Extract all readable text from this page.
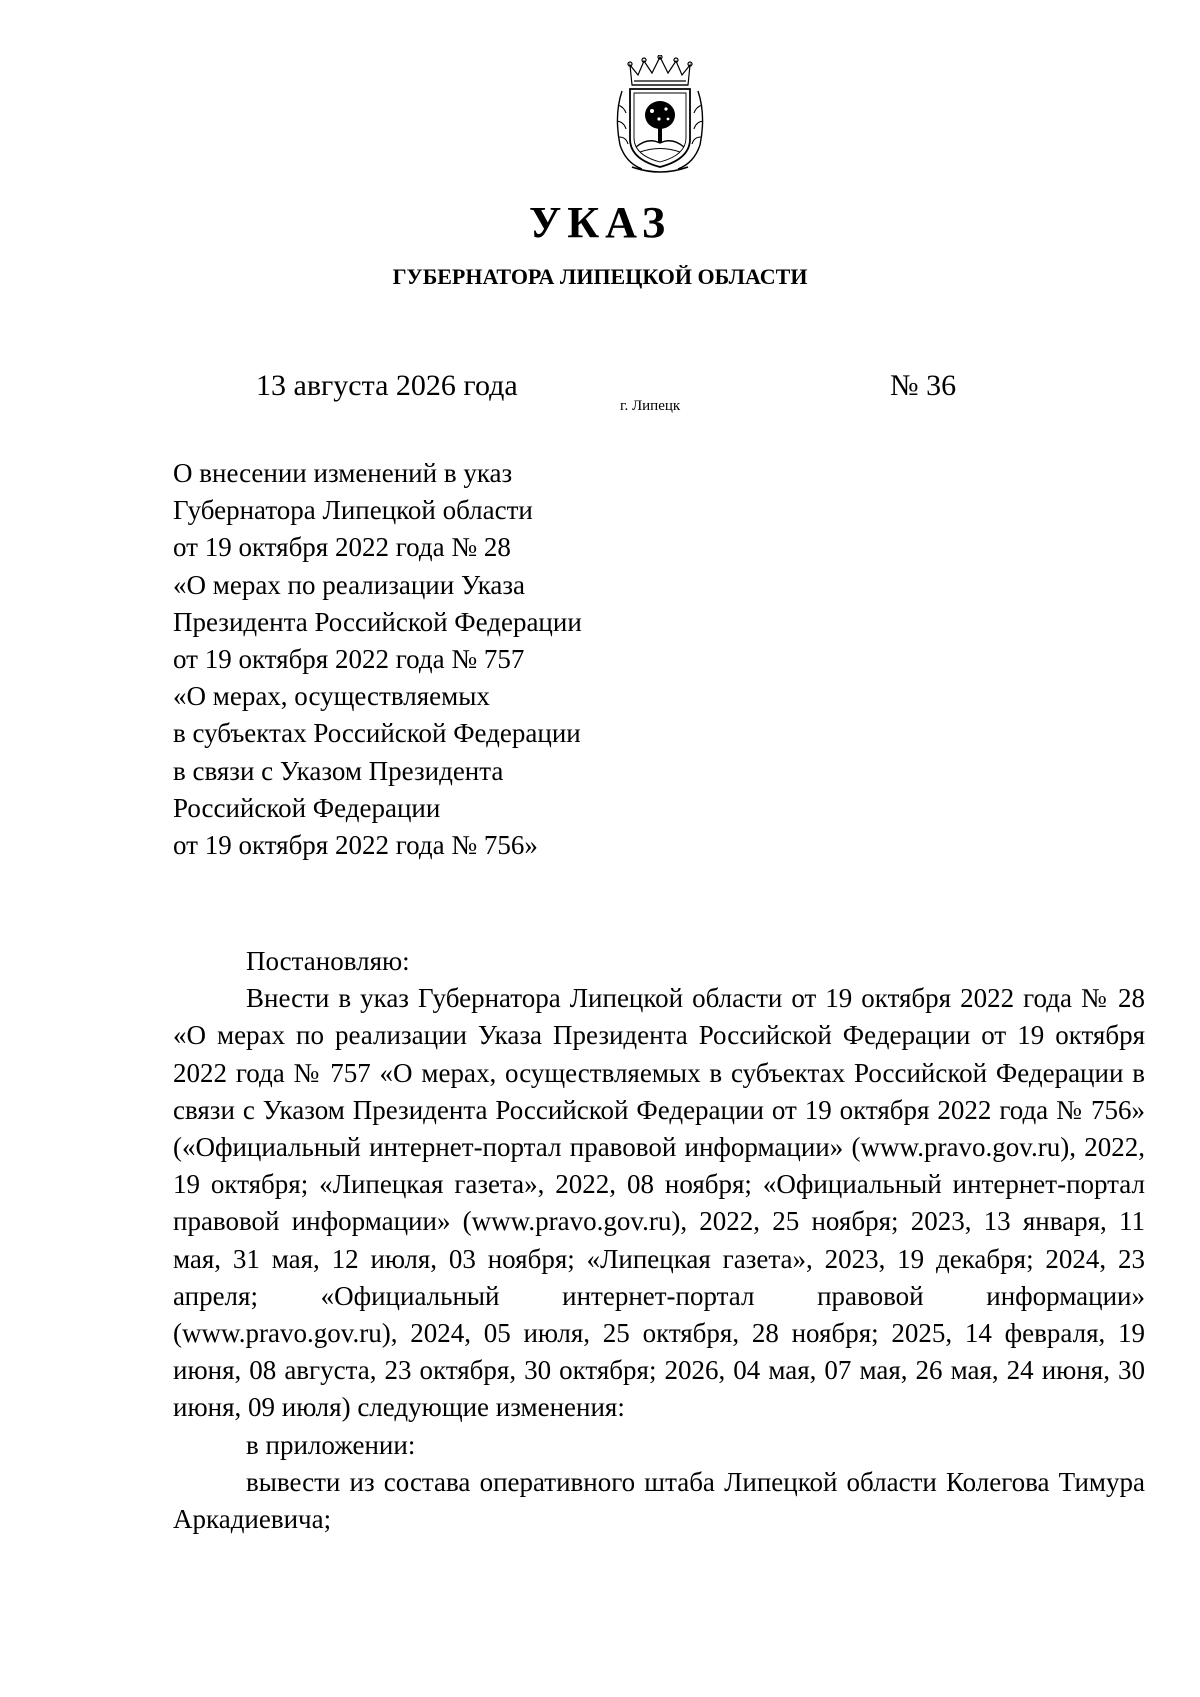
УКАЗ
ГУБЕРНАТОРА ЛИПЕЦКОЙ ОБЛАСТИ
13 августа 2026 года
г. Липецк
№ 36
О внесении изменений в указ
Губернатора Липецкой области
от 19 октября 2022 года № 28
«О мерах по реализации Указа
Президента Российской Федерации
от 19 октября 2022 года № 757
«О мерах, осуществляемых
в субъектах Российской Федерации
в связи с Указом Президента
Российской Федерации
от 19 октября 2022 года № 756»

Постановляю:

Внести в указ Губернатора Липецкой области от 19 октября 2022 года № 28 «О мерах по реализации Указа Президента Российской Федерации от 19 октября 2022 года № 757 «О мерах, осуществляемых в субъектах Российской Федерации в связи с Указом Президента Российской Федерации от 19 октября 2022 года № 756» («Официальный интернет-портал правовой информации» (www.pravo.gov.ru), 2022, 19 октября; «Липецкая газета», 2022, 08 ноября; «Официальный интернет-портал правовой информации» (www.pravo.gov.ru), 2022, 25 ноября; 2023, 13 января, 11 мая, 31 мая, 12 июля, 03 ноября; «Липецкая газета», 2023, 19 декабря; 2024, 23 апреля; «Официальный интернет-портал правовой информации» (www.pravo.gov.ru), 2024, 05 июля, 25 октября, 28 ноября; 2025, 14 февраля, 19 июня, 08 августа, 23 октября, 30 октября; 2026, 04 мая, 07 мая, 26 мая, 24 июня, 30 июня, 09 июля) следующие изменения:

в приложении:

вывести из состава оперативного штаба Липецкой области Колегова Тимура Аркадиевича;
